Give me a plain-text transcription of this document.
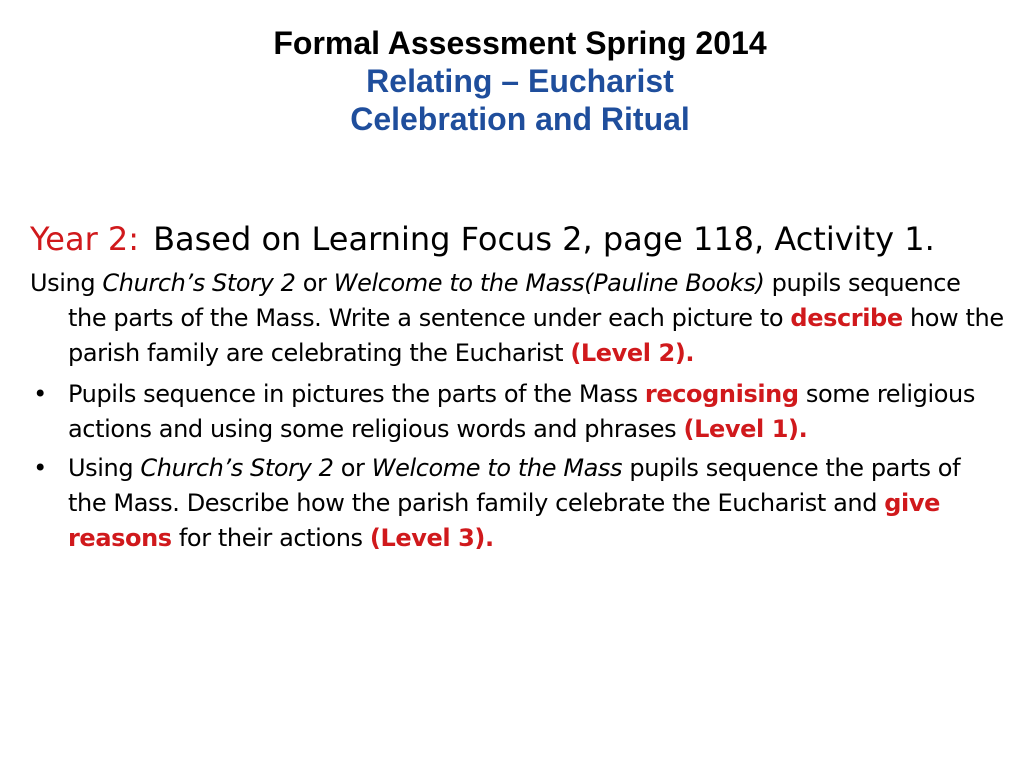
Formal Assessment Spring 2014
Relating – Eucharist
Celebration and Ritual

Year 2: Based on Learning Focus 2, page 118, Activity 1.

Using Church’s Story 2 or Welcome to the Mass(Pauline Books) pupils sequence the parts of the Mass. Write a sentence under each picture to describe how the parish family are celebrating the Eucharist (Level 2).

• Pupils sequence in pictures the parts of the Mass recognising some religious actions and using some religious words and phrases (Level 1).
• Using Church’s Story 2 or Welcome to the Mass pupils sequence the parts of the Mass. Describe how the parish family celebrate the Eucharist and give reasons for their actions (Level 3).
